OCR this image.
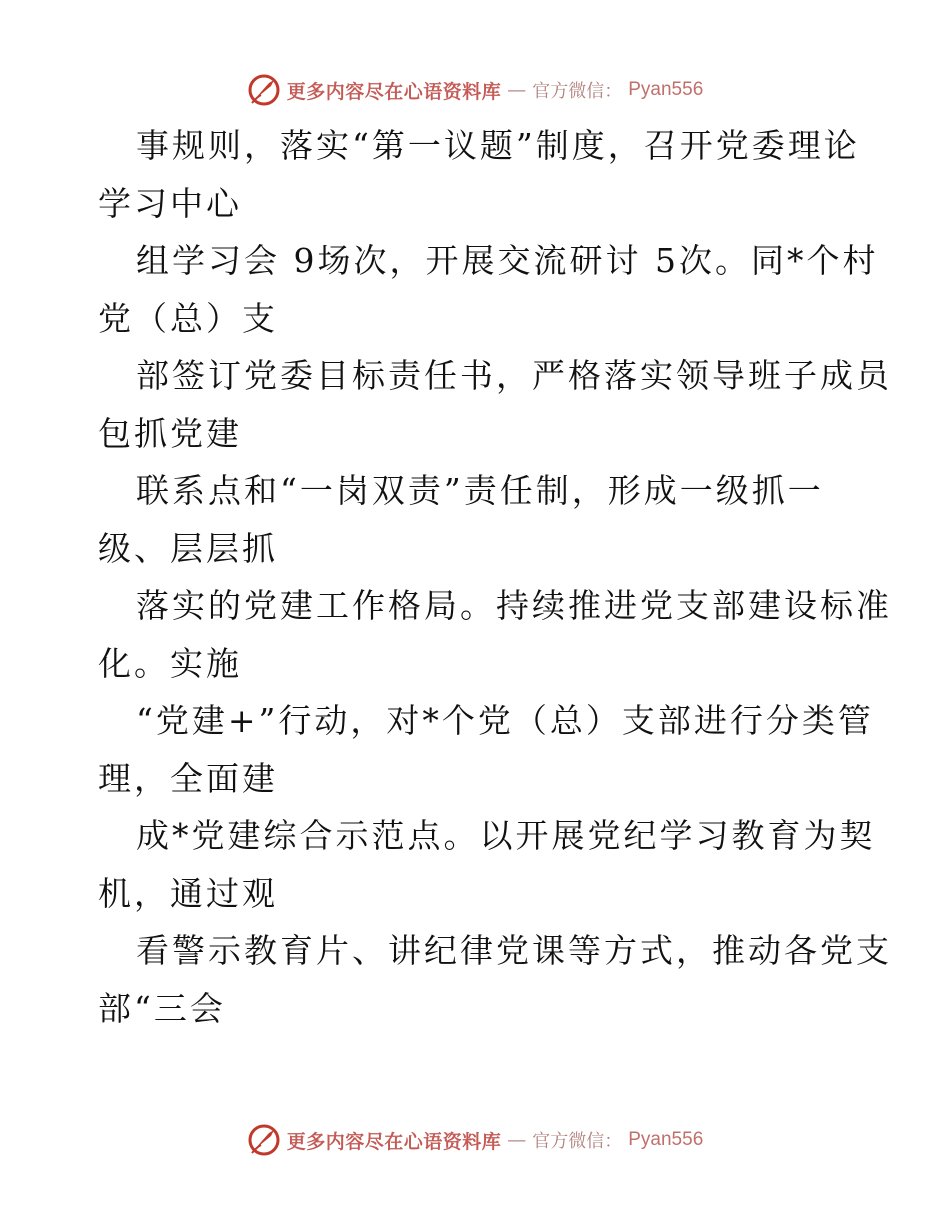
更多内容尽在心语资料库 — 官方微信： Pyan556
事规则，落实“第一议题”制度，召开党委理论
学习中心
组学习会 9场次，开展交流研讨 5次。同*个村
党（总）支
部签订党委目标责任书，严格落实领导班子成员
包抓党建
联系点和“一岗双责”责任制，形成一级抓一
级、层层抓
落实的党建工作格局。持续推进党支部建设标准
化。实施
“党建+”行动，对*个党（总）支部进行分类管
理，全面建
成*党建综合示范点。以开展党纪学习教育为契
机，通过观
看警示教育片、讲纪律党课等方式，推动各党支
部“三会
更多内容尽在心语资料库 — 官方微信： Pyan556
